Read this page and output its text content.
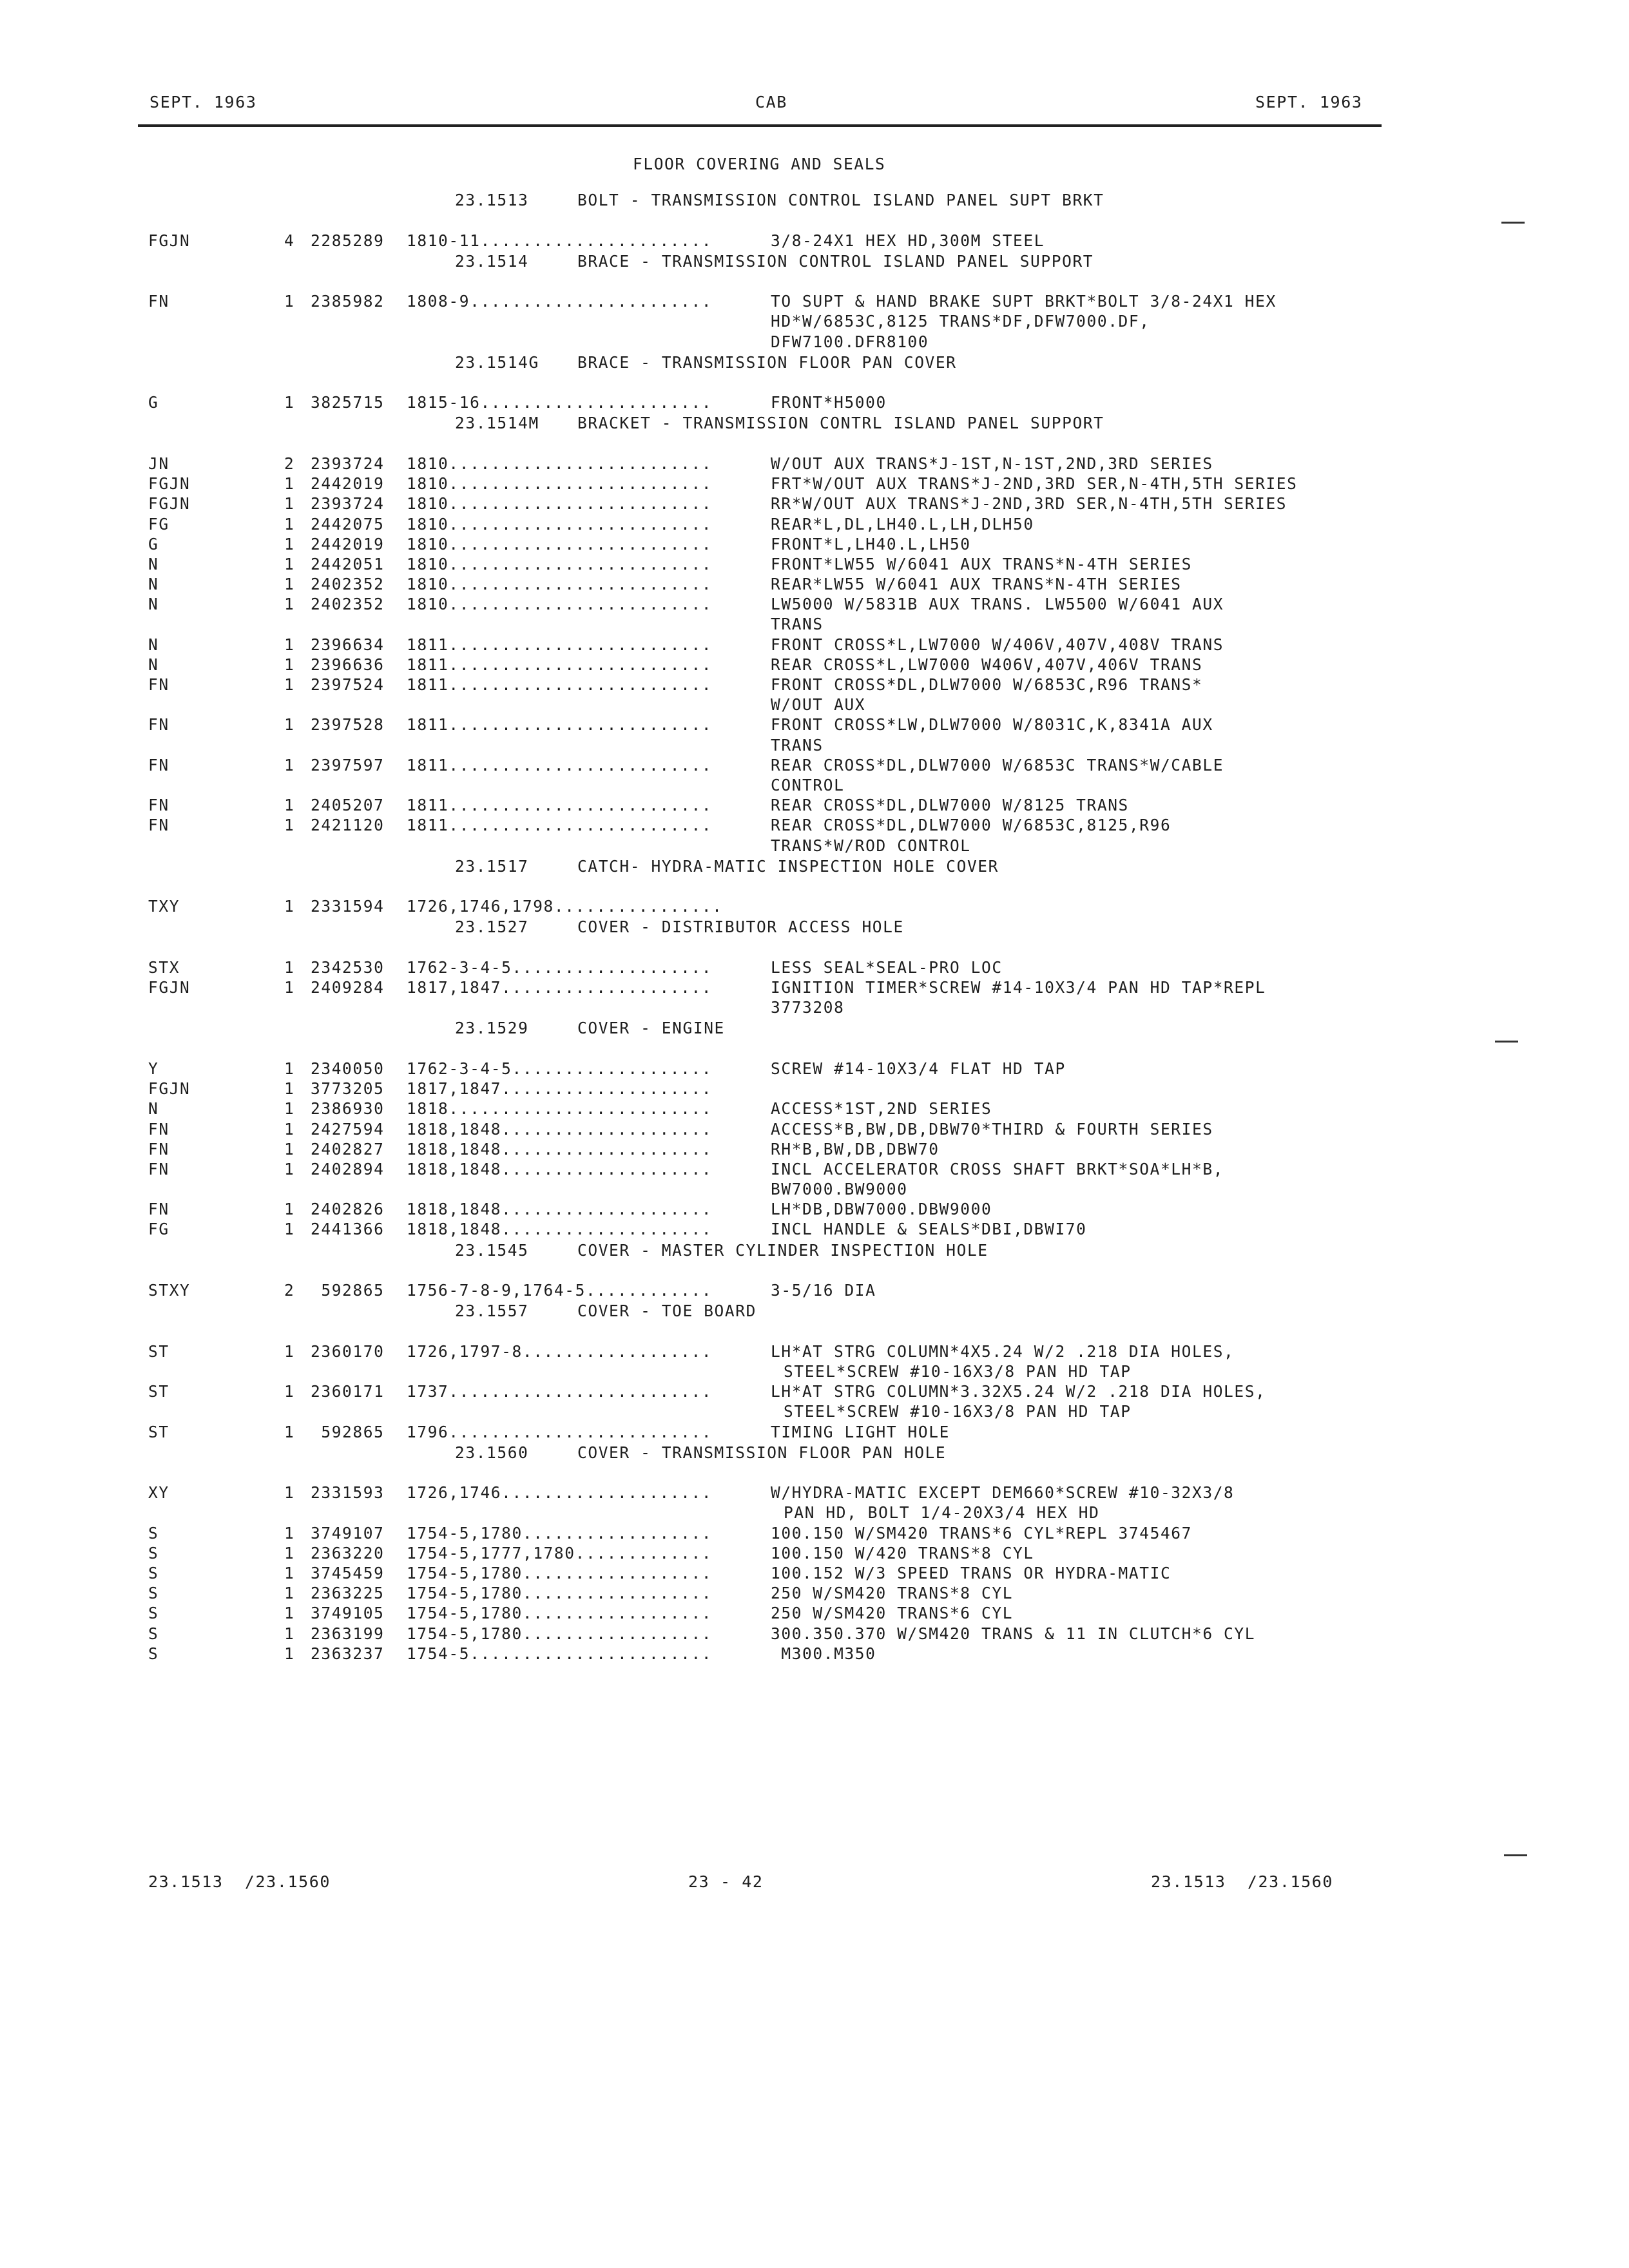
SEPT. 1963	CAB	SEPT. 1963
FLOOR COVERING AND SEALS
23.1513	BOLT - TRANSMISSION CONTROL ISLAND PANEL SUPT BRKT
FGJN	4 2285289 1810-11......................	3/8-24X1 HEX HD,300M STEEL
23.1514	BRACE - TRANSMISSION CONTROL ISLAND PANEL SUPPORT
FN	1 2385982 1808-9.......................	TO SUPT & HAND BRAKE SUPT BRKT*BOLT 3/8-24X1 HEX
HD*W/6853C,8125 TRANS*DF,DFW7000.DF,
DFW7100.DFR8100
23.1514G BRACE - TRANSMISSION FLOOR PAN COVER
G	1 3825715 1815-16......................	FRONT*H5000
23.1514M BRACKET - TRANSMISSION CONTRL ISLAND PANEL SUPPORT
JN	2 2393724 1810.........................	W/OUT AUX TRANS*J-1ST,N-1ST,2ND,3RD SERIES
FGJN	1 2442019 1810.........................	FRT*W/OUT AUX TRANS*J-2ND,3RD SER,N-4TH,5TH SERIES
FGJN	1 2393724 1810.........................	RR*W/OUT AUX TRANS*J-2ND,3RD SER,N-4TH,5TH SERIES
FG	1 2442075 1810.........................	REAR*L,DL,LH40.L,LH,DLH50
G	1 2442019 1810.........................	FRONT*L,LH40.L,LH50
N	1 2442051 1810.........................	FRONT*LW55 W/6041 AUX TRANS*N-4TH SERIES
N	1 2402352 1810.........................	REAR*LW55 W/6041 AUX TRANS*N-4TH SERIES
N	1 2402352 1810.........................	LW5000 W/5831B AUX TRANS. LW5500 W/6041 AUX
TRANS
N	1 2396634 1811.........................	FRONT CROSS*L,LW7000 W/406V,407V,408V TRANS
N	1 2396636 1811.........................	REAR CROSS*L,LW7000 W406V,407V,406V TRANS
FN	1 2397524 1811.........................	FRONT CROSS*DL,DLW7000 W/6853C,R96 TRANS*
W/OUT AUX
FN	1 2397528 1811.........................	FRONT CROSS*LW,DLW7000 W/8031C,K,8341A AUX
TRANS
FN	1 2397597 1811.........................	REAR CROSS*DL,DLW7000 W/6853C TRANS*W/CABLE
CONTROL
FN	1 2405207 1811.........................	REAR CROSS*DL,DLW7000 W/8125 TRANS
FN	1 2421120 1811.........................	REAR CROSS*DL,DLW7000 W/6853C,8125,R96
TRANS*W/ROD CONTROL
23.1517	CATCH- HYDRA-MATIC INSPECTION HOLE COVER
TXY	1 2331594 1726,1746,1798................
23.1527	COVER - DISTRIBUTOR ACCESS HOLE
STX	1 2342530 1762-3-4-5...................	LESS SEAL*SEAL-PRO LOC
FGJN	1 2409284 1817,1847....................	IGNITION TIMER*SCREW #14-10X3/4 PAN HD TAP*REPL
3773208
23.1529	COVER - ENGINE
Y	1 2340050 1762-3-4-5...................	SCREW #14-10X3/4 FLAT HD TAP
FGJN	1 3773205 1817,1847....................
N	1 2386930 1818.........................	ACCESS*1ST,2ND SERIES
FN	1 2427594 1818,1848....................	ACCESS*B,BW,DB,DBW70*THIRD & FOURTH SERIES
FN	1 2402827 1818,1848....................	RH*B,BW,DB,DBW70
FN	1 2402894 1818,1848....................	INCL ACCELERATOR CROSS SHAFT BRKT*SOA*LH*B,
BW7000.BW9000
FN	1 2402826 1818,1848....................	LH*DB,DBW7000.DBW9000
FG	1 2441366 1818,1848....................	INCL HANDLE & SEALS*DBI,DBWI70
23.1545	COVER - MASTER CYLINDER INSPECTION HOLE
STXY	2 592865 1756-7-8-9,1764-5............	3-5/16 DIA
23.1557	COVER - TOE BOARD
ST	1 2360170 1726,1797-8..................	LH*AT STRG COLUMN*4X5.24 W/2 .218 DIA HOLES,
STEEL*SCREW #10-16X3/8 PAN HD TAP
ST	1 2360171 1737.........................	LH*AT STRG COLUMN*3.32X5.24 W/2 .218 DIA HOLES,
STEEL*SCREW #10-16X3/8 PAN HD TAP
ST	1 592865 1796.........................	TIMING LIGHT HOLE
23.1560	COVER - TRANSMISSION FLOOR PAN HOLE
XY	1 2331593 1726,1746....................	W/HYDRA-MATIC EXCEPT DEM660*SCREW #10-32X3/8
PAN HD, BOLT 1/4-20X3/4 HEX HD
S	1 3749107 1754-5,1780..................	100.150 W/SM420 TRANS*6 CYL*REPL 3745467
S	1 2363220 1754-5,1777,1780.............	100.150 W/420 TRANS*8 CYL
S	1 3745459 1754-5,1780..................	100.152 W/3 SPEED TRANS OR HYDRA-MATIC
S	1 2363225 1754-5,1780..................	250 W/SM420 TRANS*8 CYL
S	1 3749105 1754-5,1780..................	250 W/SM420 TRANS*6 CYL
S	1 2363199 1754-5,1780..................	300.350.370 W/SM420 TRANS & 11 IN CLUTCH*6 CYL
S	1 2363237 1754-5.......................	M300.M350
23.1513  /23.1560	23 - 42	23.1513  /23.1560
